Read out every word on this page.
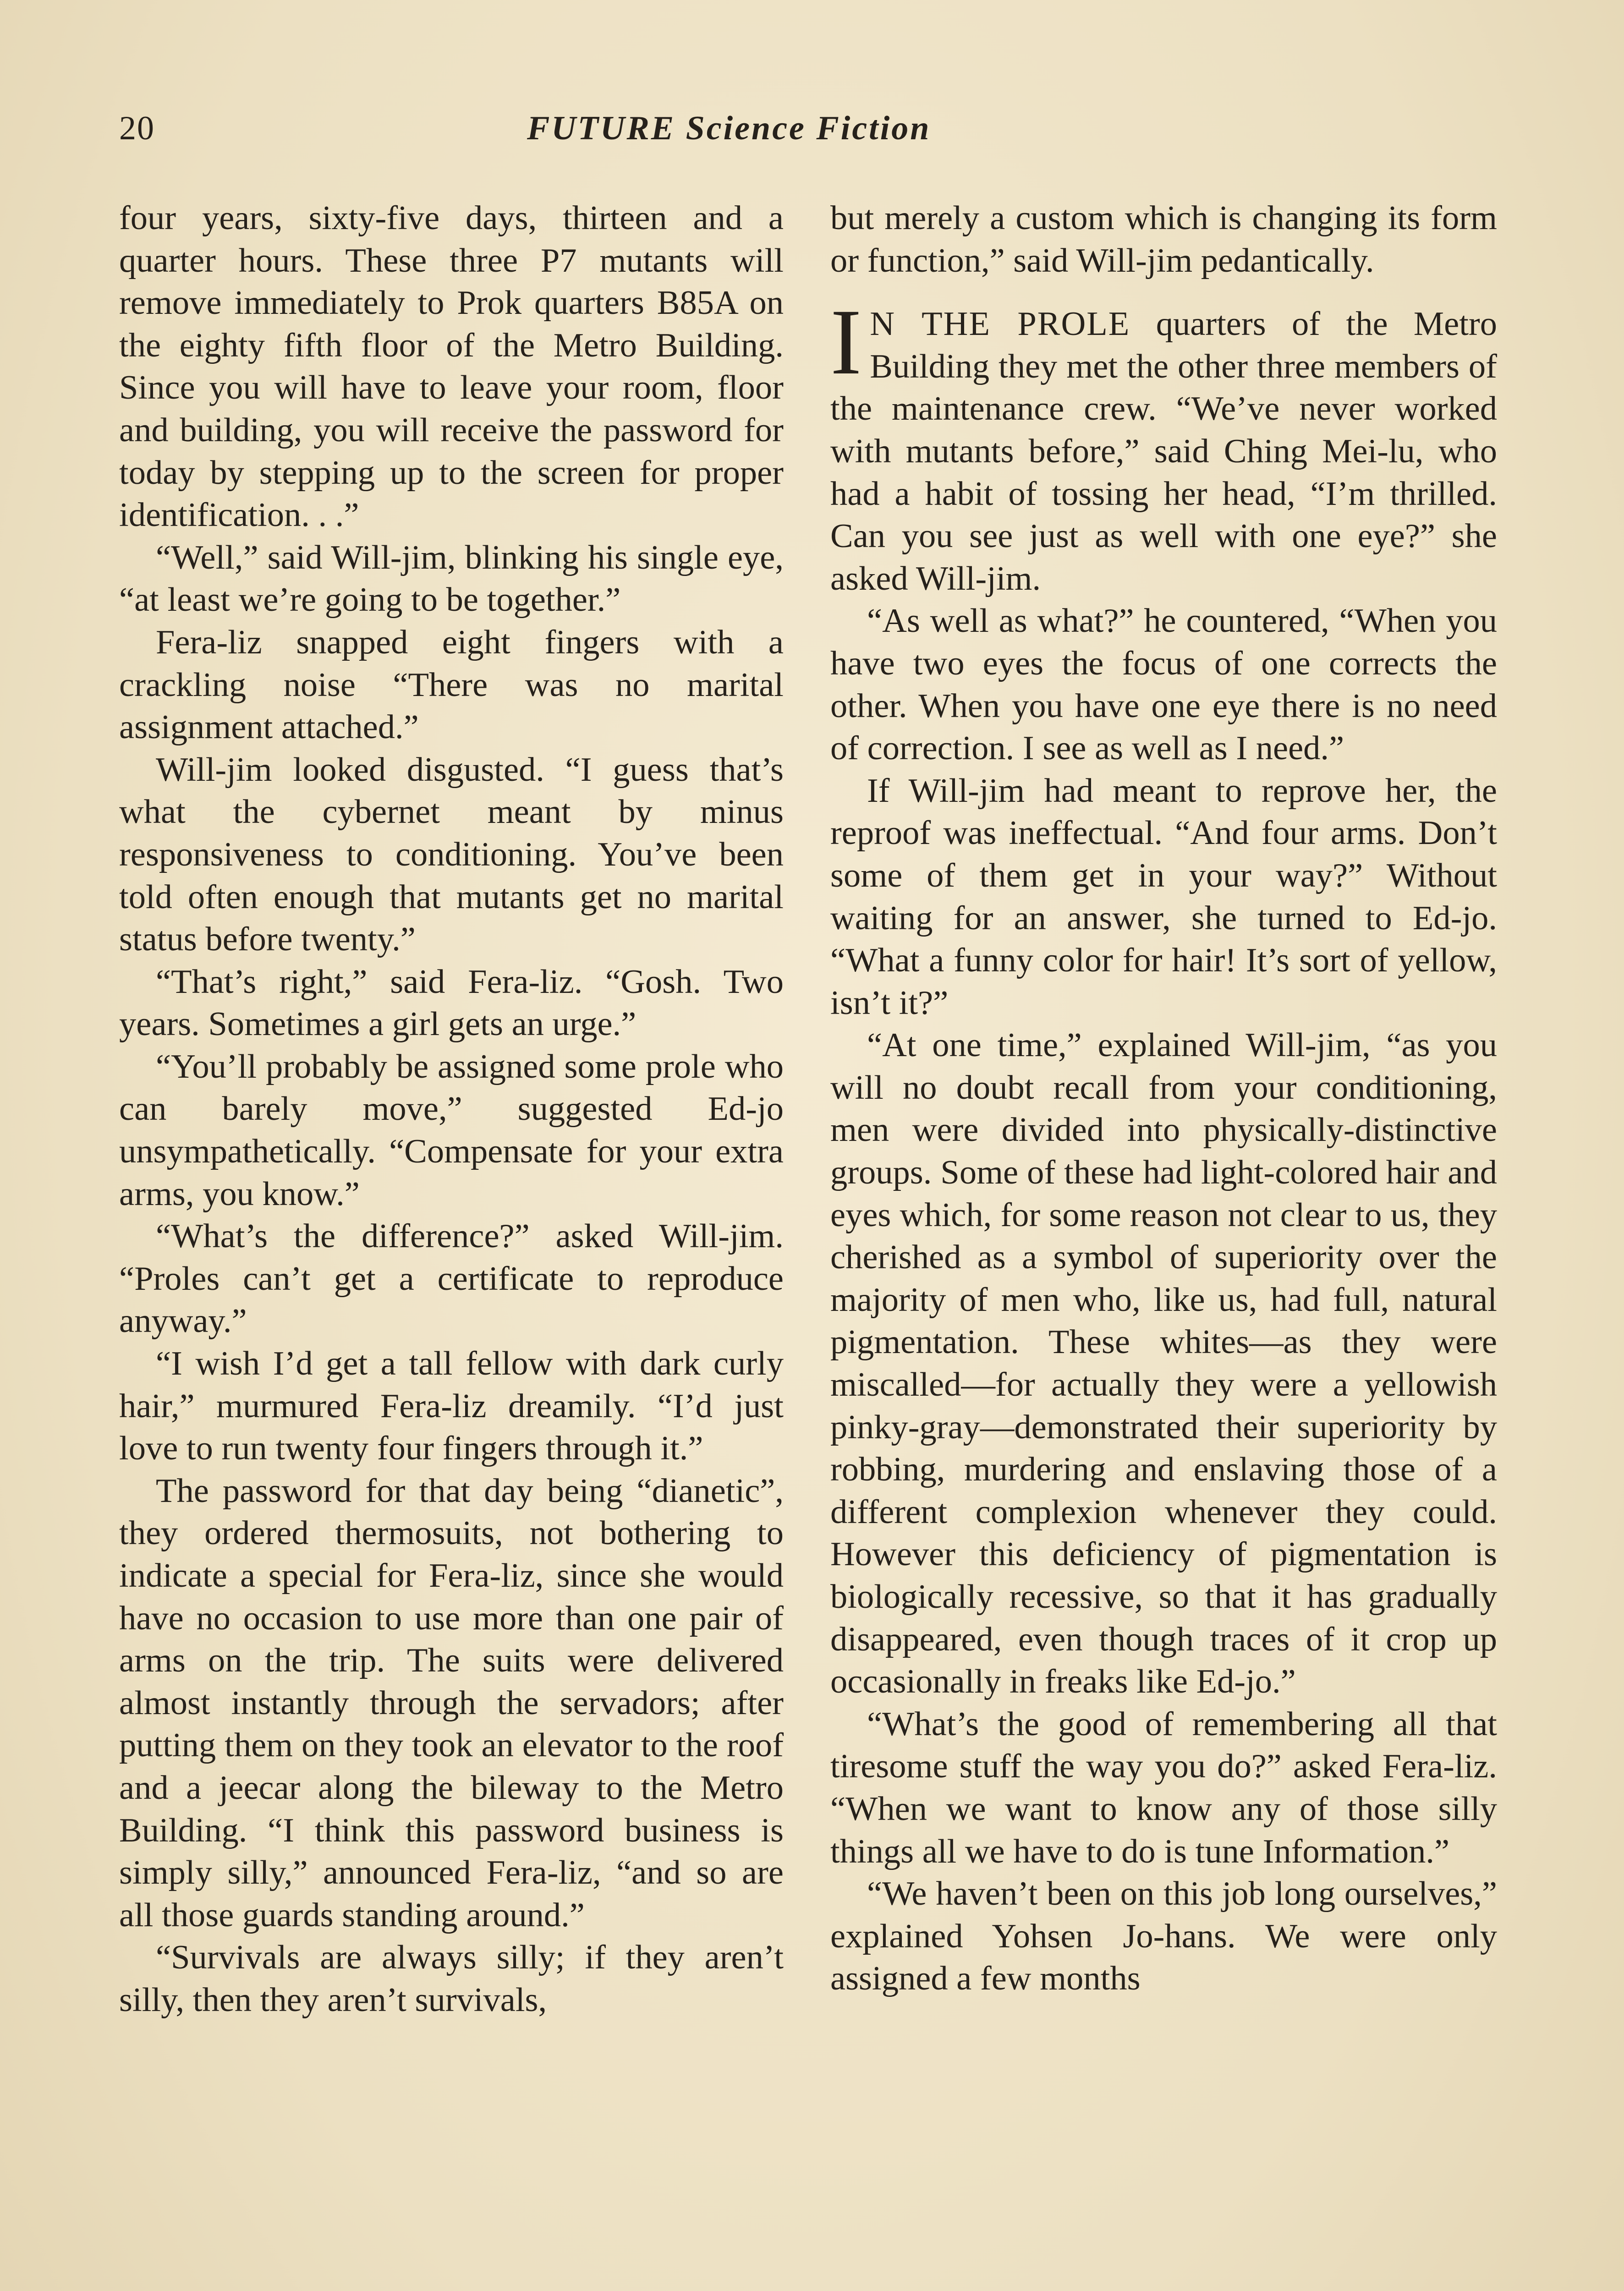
20	FUTURE Science Fiction

four years, sixty-five days, thirteen and a quarter hours. These three P7 mutants will remove immediately to Prok quarters B85A on the eighty fifth floor of the Metro Building. Since you will have to leave your room, floor and building, you will receive the password for today by stepping up to the screen for proper identification. . .”

“Well,” said Will-jim, blinking his single eye, “at least we’re going to be together.”

Fera-liz snapped eight fingers with a crackling noise “There was no marital assignment attached.”

Will-jim looked disgusted. “I guess that’s what the cybernet meant by minus responsiveness to conditioning. You’ve been told often enough that mutants get no marital status before twenty.”

“That’s right,” said Fera-liz. “Gosh. Two years. Sometimes a girl gets an urge.”

“You’ll probably be assigned some prole who can barely move,” suggested Ed-jo unsympathetically. “Compensate for your extra arms, you know.”

“What’s the difference?” asked Will-jim. “Proles can’t get a certificate to reproduce anyway.”

“I wish I’d get a tall fellow with dark curly hair,” murmured Fera-liz dreamily. “I’d just love to run twenty four fingers through it.”

The password for that day being “dianetic”, they ordered thermosuits, not bothering to indicate a special for Fera-liz, since she would have no occasion to use more than one pair of arms on the trip. The suits were delivered almost instantly through the servadors; after putting them on they took an elevator to the roof and a jeecar along the bileway to the Metro Building. “I think this password business is simply silly,” announced Fera-liz, “and so are all those guards standing around.”

“Survivals are always silly; if they aren’t silly, then they aren’t survivals,

but merely a custom which is changing its form or function,” said Will-jim pedantically.

I N THE PROLE quarters of the Metro Building they met the other three members of the maintenance crew. “We’ve never worked with mutants before,” said Ching Mei-lu, who had a habit of tossing her head, “I’m thrilled. Can you see just as well with one eye?” she asked Will-jim.

“As well as what?” he countered, “When you have two eyes the focus of one corrects the other. When you have one eye there is no need of correction. I see as well as I need.”

If Will-jim had meant to reprove her, the reproof was ineffectual. “And four arms. Don’t some of them get in your way?” Without waiting for an answer, she turned to Ed-jo. “What a funny color for hair! It’s sort of yellow, isn’t it?”

“At one time,” explained Will-jim, “as you will no doubt recall from your conditioning, men were divided into physically-distinctive groups. Some of these had light-colored hair and eyes which, for some reason not clear to us, they cherished as a symbol of superiority over the majority of men who, like us, had full, natural pigmentation. These whites—as they were miscalled—for actually they were a yellowish pinky-gray—demonstrated their superiority by robbing, murdering and enslaving those of a different complexion whenever they could. However this deficiency of pigmentation is biologically recessive, so that it has gradually disappeared, even though traces of it crop up occasionally in freaks like Ed-jo.”

“What’s the good of remembering all that tiresome stuff the way you do?” asked Fera-liz. “When we want to know any of those silly things all we have to do is tune Information.”

“We haven’t been on this job long ourselves,” explained Yohsen Jo-hans. We were only assigned a few months
